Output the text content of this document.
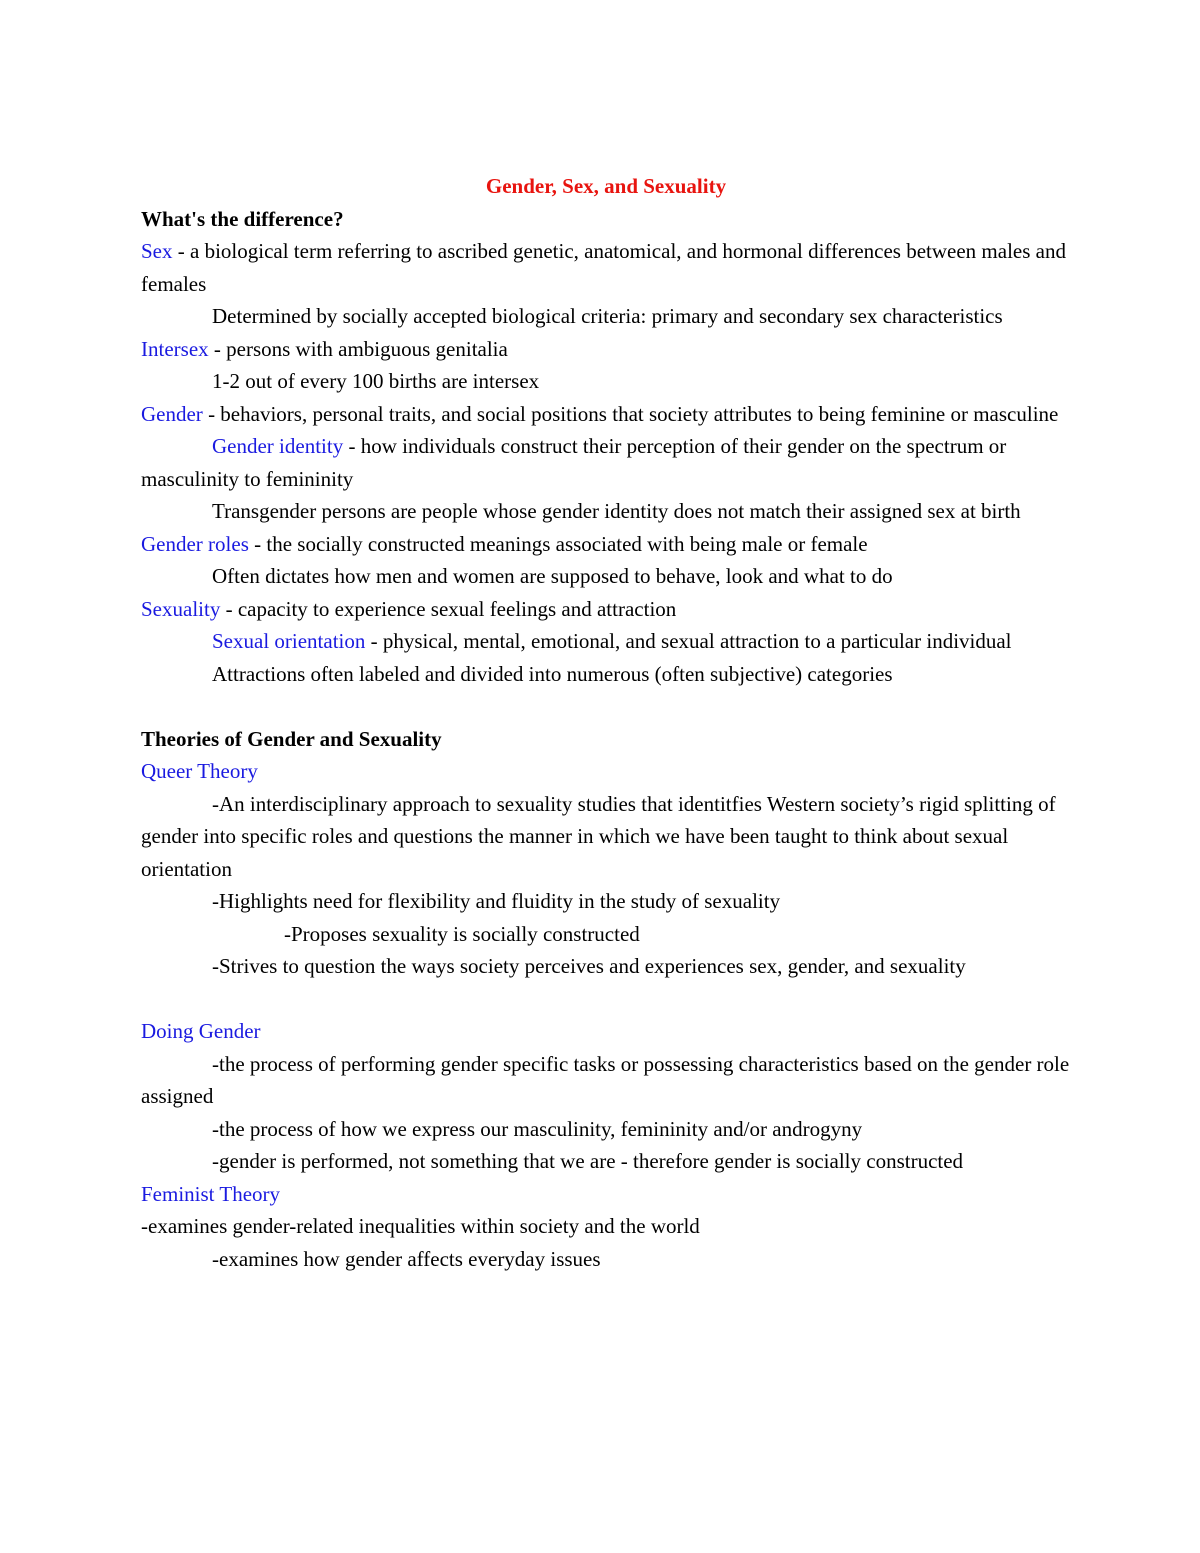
Gender, Sex, and Sexuality

What's the difference?

Sex - a biological term referring to ascribed genetic, anatomical, and hormonal differences between males and females

Determined by socially accepted biological criteria: primary and secondary sex characteristics

Intersex - persons with ambiguous genitalia

1-2 out of every 100 births are intersex

Gender - behaviors, personal traits, and social positions that society attributes to being feminine or masculine

Gender identity - how individuals construct their perception of their gender on the spectrum or masculinity to femininity

Transgender persons are people whose gender identity does not match their assigned sex at birth

Gender roles - the socially constructed meanings associated with being male or female

Often dictates how men and women are supposed to behave, look and what to do

Sexuality - capacity to experience sexual feelings and attraction

Sexual orientation - physical, mental, emotional, and sexual attraction to a particular individual

Attractions often labeled and divided into numerous (often subjective) categories

Theories of Gender and Sexuality

Queer Theory

-An interdisciplinary approach to sexuality studies that identitfies Western society’s rigid splitting of gender into specific roles and questions the manner in which we have been taught to think about sexual orientation

-Highlights need for flexibility and fluidity in the study of sexuality

-Proposes sexuality is socially constructed

-Strives to question the ways society perceives and experiences sex, gender, and sexuality

Doing Gender

-the process of performing gender specific tasks or possessing characteristics based on the gender role assigned

-the process of how we express our masculinity, femininity and/or androgyny

-gender is performed, not something that we are - therefore gender is socially constructed

Feminist Theory

-examines gender-related inequalities within society and the world

-examines how gender affects everyday issues
